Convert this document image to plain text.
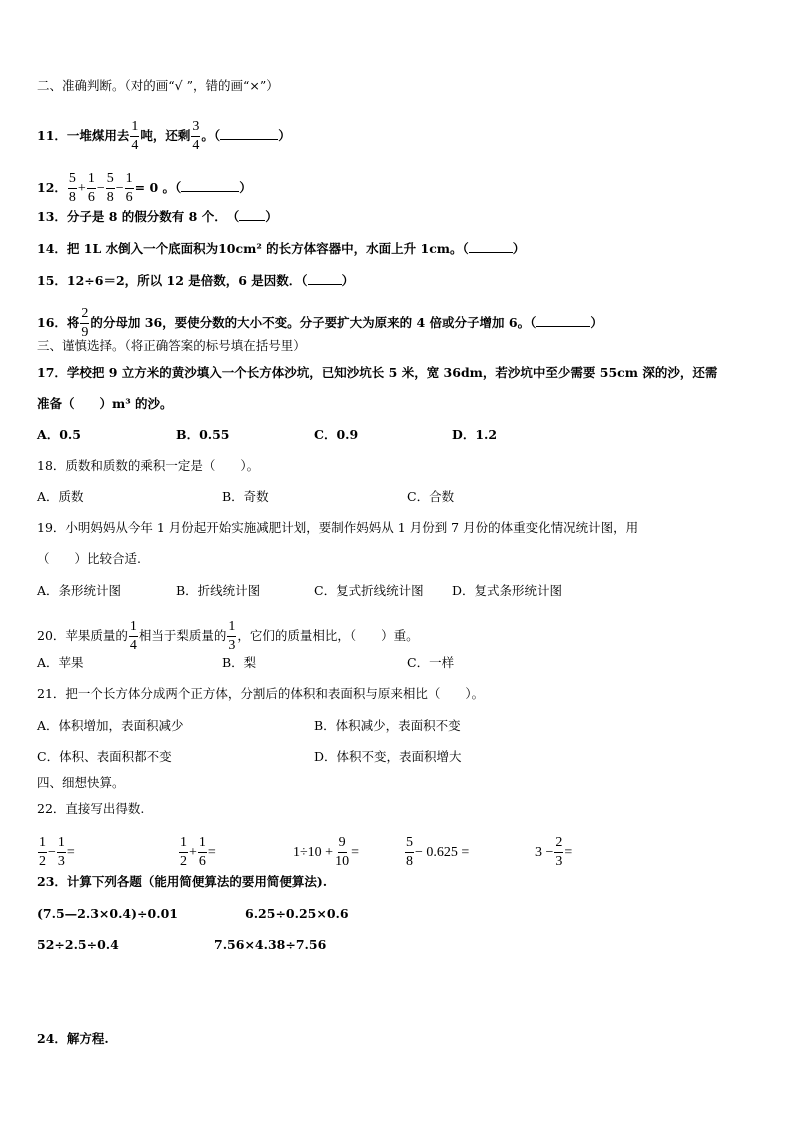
二、准确判断。（对的画“√ ”，错的画“×”）
11．一堆煤用去 $\frac{1}{4}$ 吨，还剩 $\frac{3}{4}$ 。（	）
12． $\frac{5}{8} + \frac{1}{6} - \frac{5}{8} - \frac{1}{6} = 0$ 。（	）
13．分子是 8 的假分数有 8 个．　（ ）
14．把 1L 水倒入一个底面积为10cm² 的长方体容器中，水面上升 1cm。（	）
15．12÷6＝2，所以 12 是倍数，6 是因数．（	）
16．将 $\frac{2}{9}$ 的分母加 36，要使分数的大小不变。分子要扩大为原来的 4 倍或分子增加 6。（	）
三、谨慎选择。（将正确答案的标号填在括号里）
17．学校把 9 立方米的黄沙填入一个长方体沙坑，已知沙坑长 5 米，宽 36dm，若沙坑中至少需要 55cm 深的沙，还需
准备（　　）m³ 的沙。
A．0.5	B．0.55	C．0.9	D．1.2
18．质数和质数的乘积一定是（　　）。
A．质数	B．奇数	C．合数
19．小明妈妈从今年 1 月份起开始实施减肥计划，要制作妈妈从 1 月份到 7 月份的体重变化情况统计图，用
（　　）比较合适.
A．条形统计图	B．折线统计图	C．复式折线统计图 D．复式条形统计图
20．苹果质量的 $\frac{1}{4}$ 相当于梨质量的 $\frac{1}{3}$ ，它们的质量相比，（　　）重。
A．苹果	B．梨	C．一样
21．把一个长方体分成两个正方体，分割后的体积和表面积与原来相比（　　）。
A．体积增加，表面积减少	B．体积减少，表面积不变
C．体积、表面积都不变	D．体积不变，表面积增大
四、细想快算。
22．直接写出得数.
$\frac{1}{2} - \frac{1}{3}$ =	$\frac{1}{2} + \frac{1}{6}$ =	$1\div 10 + \frac{9}{10}$ =	$\frac{5}{8} - 0.625$ =	$3 - \frac{2}{3}$ =
23．计算下列各题（能用简便算法的要用简便算法).
(7.5—2.3×0.4)÷0.01	6.25÷0.25×0.6
52÷2.5÷0.4	7.56×4.38÷7.56
24．解方程.
